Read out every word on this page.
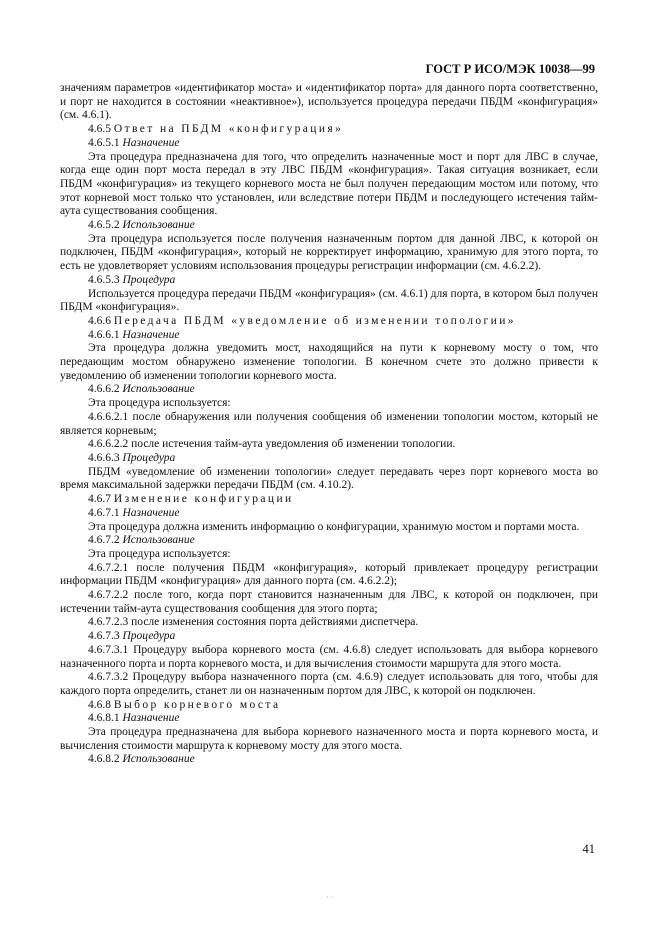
ГОСТ Р ИСО/МЭК 10038—99
значениям параметров «идентификатор моста» и «идентификатор порта» для данного порта соответственно, и порт не находится в состоянии «неактивное»), используется процедура передачи ПБДМ «конфигурация» (см. 4.6.1).
4.6.5 Ответ на ПБДМ «конфигурация»
4.6.5.1 Назначение
Эта процедура предназначена для того, что определить назначенные мост и порт для ЛВС в случае, когда еще один порт моста передал в эту ЛВС ПБДМ «конфигурация». Такая ситуация возникает, если ПБДМ «конфигурация» из текущего корневого моста не был получен передающим мостом или потому, что этот корневой мост только что установлен, или вследствие потери ПБДМ и последующего истечения тайм-аута существования сообщения.
4.6.5.2 Использование
Эта процедура используется после получения назначенным портом для данной ЛВС, к которой он подключен, ПБДМ «конфигурация», который не корректирует информацию, хранимую для этого порта, то есть не удовлетворяет условиям использования процедуры регистрации информации (см. 4.6.2.2).
4.6.5.3 Процедура
Используется процедура передачи ПБДМ «конфигурация» (см. 4.6.1) для порта, в котором был получен ПБДМ «конфигурация».
4.6.6 Передача ПБДМ «уведомление об изменении топологии»
4.6.6.1 Назначение
Эта процедура должна уведомить мост, находящийся на пути к корневому мосту о том, что передающим мостом обнаружено изменение топологии. В конечном счете это должно привести к уведомлению об изменении топологии корневого моста.
4.6.6.2 Использование
Эта процедура используется:
4.6.6.2.1 после обнаружения или получения сообщения об изменении топологии мостом, который не является корневым;
4.6.6.2.2 после истечения тайм-аута уведомления об изменении топологии.
4.6.6.3 Процедура
ПБДМ «уведомление об изменении топологии» следует передавать через порт корневого моста во время максимальной задержки передачи ПБДМ (см. 4.10.2).
4.6.7 Изменение конфигурации
4.6.7.1 Назначение
Эта процедура должна изменить информацию о конфигурации, хранимую мостом и портами моста.
4.6.7.2 Использование
Эта процедура используется:
4.6.7.2.1 после получения ПБДМ «конфигурация», который привлекает процедуру регистрации информации ПБДМ «конфигурация» для данного порта (см. 4.6.2.2);
4.6.7.2.2 после того, когда порт становится назначенным для ЛВС, к которой он подключен, при истечении тайм-аута существования сообщения для этого порта;
4.6.7.2.3 после изменения состояния порта действиями диспетчера.
4.6.7.3 Процедура
4.6.7.3.1 Процедуру выбора корневого моста (см. 4.6.8) следует использовать для выбора корневого назначенного порта и порта корневого моста, и для вычисления стоимости маршрута для этого моста.
4.6.7.3.2 Процедуру выбора назначенного порта (см. 4.6.9) следует использовать для того, чтобы для каждого порта определить, станет ли он назначенным портом для ЛВС, к которой он подключен.
4.6.8 Выбор корневого моста
4.6.8.1 Назначение
Эта процедура предназначена для выбора корневого назначенного моста и порта корневого моста, и вычисления стоимости маршрута к корневому мосту для этого моста.
4.6.8.2 Использование
41
· ·
